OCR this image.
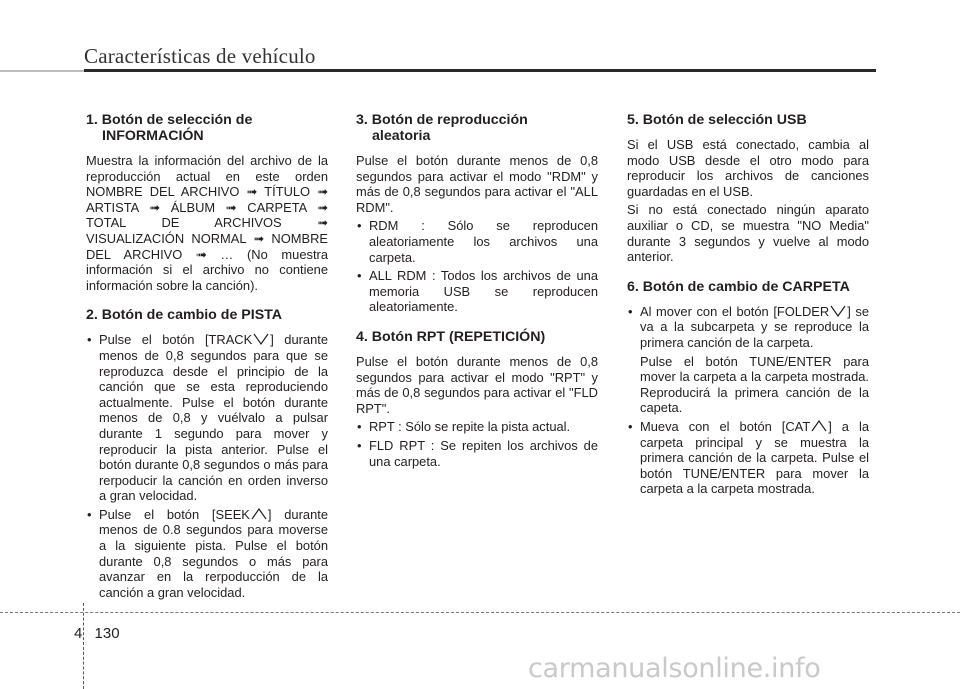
Características de vehículo
1. Botón de selección de
INFORMACIÓN

Muestra la información del archivo de la reproducción actual en este orden NOMBRE DEL ARCHIVO ➟ TÍTULO ➟ ARTISTA ➟ ÁLBUM ➟ CARPETA ➟ TOTAL DE ARCHIVOS ➟ VISUALIZACIÓN NORMAL ➟ NOMBRE DEL ARCHIVO ➟ … (No muestra información si el archivo no contiene información sobre la canción).

2. Botón de cambio de PISTA
• Pulse el botón [TRACK ] durante menos de 0,8 segundos para que se reproduzca desde el principio de la canción que se esta reproduciendo actualmente. Pulse el botón durante menos de 0,8 y vuélvalo a pulsar durante 1 segundo para mover y reproducir la pista anterior. Pulse el botón durante 0,8 segundos o más para rerpoducir la canción en orden inverso a gran velocidad.
• Pulse el botón [SEEK ] durante menos de 0.8 segundos para moverse a la siguiente pista. Pulse el botón durante 0,8 segundos o más para avanzar en la rerpoducción de la canción a gran velocidad.
3. Botón de reproducción
aleatoria

Pulse el botón durante menos de 0,8 segundos para activar el modo "RDM" y más de 0,8 segundos para activar el "ALL RDM".

• RDM : Sólo se reproducen aleatoriamente los archivos una carpeta.
• ALL RDM : Todos los archivos de una memoria USB se reproducen aleatoriamente.
4. Botón RPT (REPETICIÓN)

Pulse el botón durante menos de 0,8 segundos para activar el modo "RPT" y más de 0,8 segundos para activar el "FLD RPT".

• RPT : Sólo se repite la pista actual.
• FLD RPT : Se repiten los archivos de una carpeta.
5. Botón de selección USB

Si el USB está conectado, cambia al modo USB desde el otro modo para reproducir los archivos de canciones guardadas en el USB.

Si no está conectado ningún aparato auxiliar o CD, se muestra "NO Media" durante 3 segundos y vuelve al modo anterior.

6. Botón de cambio de CARPETA
• Al mover con el botón [FOLDER ] se va a la subcarpeta y se reproduce la primera canción de la carpeta.

Pulse el botón TUNE/ENTER para mover la carpeta a la carpeta mostrada. Reproducirá la primera canción de la capeta.

• Mueva con el botón [CAT ] a la carpeta principal y se muestra la primera canción de la carpeta. Pulse el botón TUNE/ENTER para mover la carpeta a la carpeta mostrada.
4 130
carmanualsonline.info
